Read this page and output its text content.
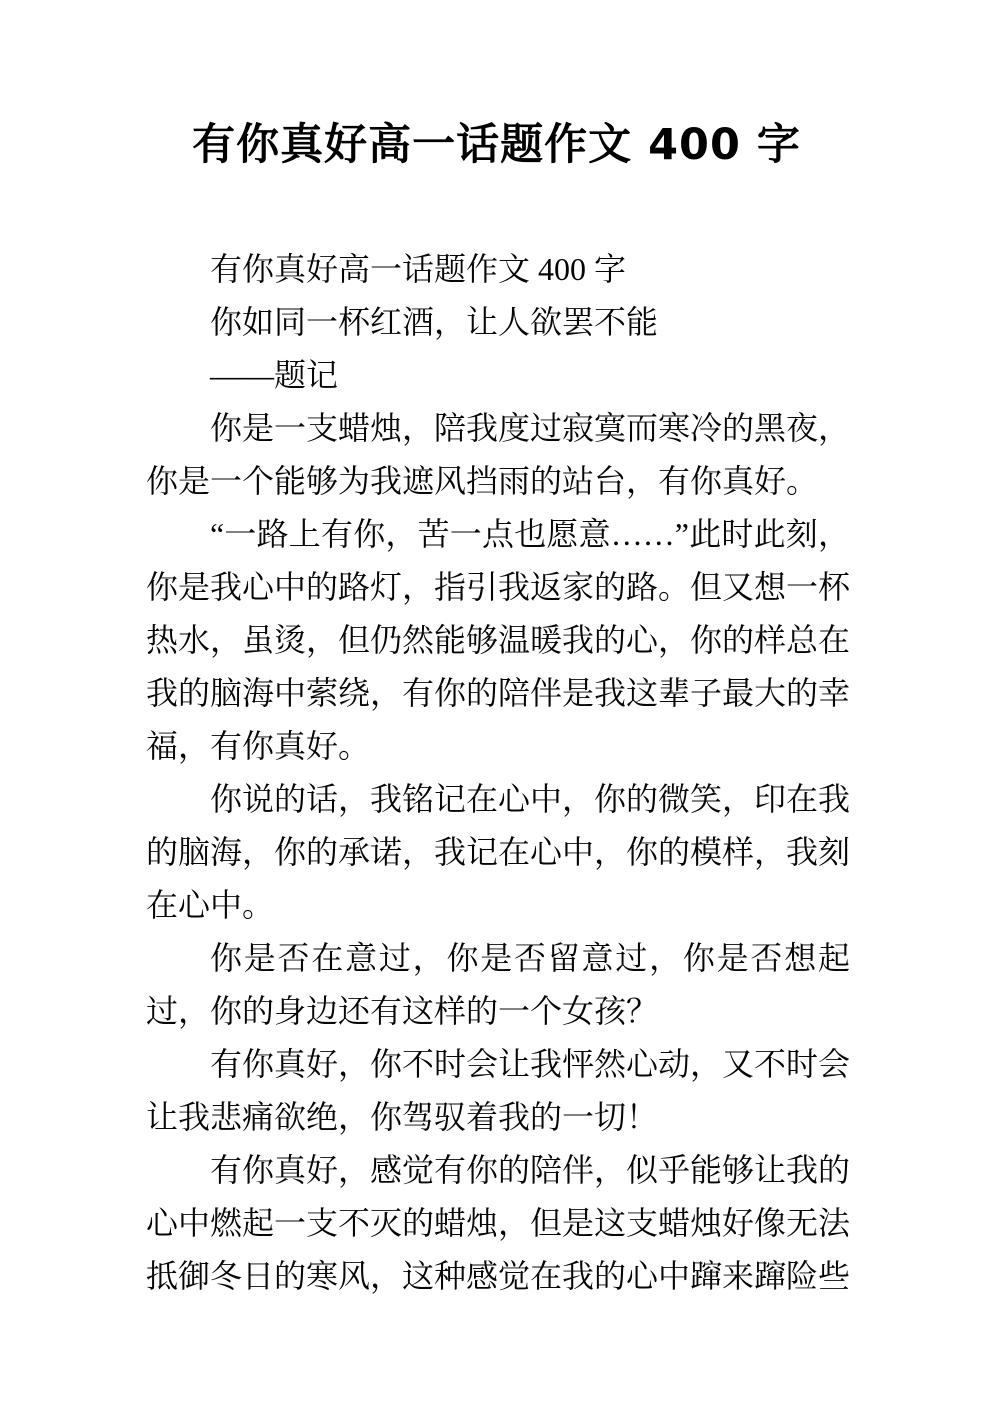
有你真好高一话题作文 400 字

有你真好高一话题作文 400 字

你如同一杯红酒，让人欲罢不能

——题记

你是一支蜡烛，陪我度过寂寞而寒冷的黑夜，你是一个能够为我遮风挡雨的站台，有你真好。

“一路上有你，苦一点也愿意……”此时此刻，你是我心中的路灯，指引我返家的路。但又想一杯热水，虽烫，但仍然能够温暖我的心，你的样总在我的脑海中萦绕，有你的陪伴是我这辈子最大的幸福，有你真好。

你说的话，我铭记在心中，你的微笑，印在我的脑海，你的承诺，我记在心中，你的模样，我刻在心中。

你是否在意过，你是否留意过，你是否想起过，你的身边还有这样的一个女孩？

有你真好，你不时会让我怦然心动，又不时会让我悲痛欲绝，你驾驭着我的一切！

有你真好，感觉有你的陪伴，似乎能够让我的心中燃起一支不灭的蜡烛，但是这支蜡烛好像无法抵御冬日的寒风，这种感觉在我的心中蹿来蹿险些
